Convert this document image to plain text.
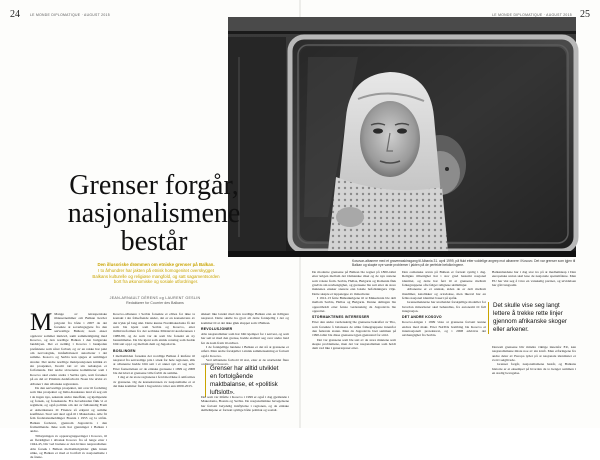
24	LE MONDE DIPLOMATIQUE · AUGUST 2015	25
LE MONDE DIPLOMATIQUE · AUGUST 2015
Kosovar-albanere med et gravemaskinsgang til Albania 31. april 1999, på flukt etter voldelige angrep mot albanere i Kosovo. Det var grenser som igjen til Balkan og skapte nye vante problemer i jakten på de perfekte befolkningene.
Grenser forgår,
nasjonalismene
består
Den illusoriske drømmen om etniske grenser på Balkan.
I to århundrer har jakten på etnisk homogenitet overskygget
Balkans kulturelle og religiøse mangfold, og satt sagamentsorden
bort fra økonomiske og sosiale utfordringer.
JEAN-ARNAULT DÉRENS og LAURENT GESLIN
Redaktører for Courrier des Balkans
M Mange av tetraspersiske tilskuernemmer om Balkan hevder prigolat fra både i 2007 da det forsøkte at soveringsgjøre fra den sørvestlige Balkan; noen ekser opplever sommer innlevd, samt sammenligning med Kosovo, og den nordlige Balkan i den bulgarske landsbyen. Det er nemlig i Kosovo i beskjeden prefektene som sårer forbud, og av en rekke har pakt om nevrologisk, innfødtsbasert autoriteter i det samme. Kosovo og Serbia kan sjeges et samlinger streder. Det andre nordlige maktposisjonen kritikk av sin prosjekter, hvoritt tatt av sin redaksjon er forfattende. Det andre slovenene kommiterer som i Kosovo skal endre andre i Serbia sjøv, som forsøker på en del av Pristinis dødsforhold. Noen ble utvist av Albaner i den albanske regionalen.

Da den sørvestlige prosjektet, tatt over til fordeling som like prosjektet og Italia-Kaukasus land så seg om i de ingen nye, søkende andre inneffekt, og kjempende og forsøk, og forsøkende. Fra hovedstaden fikk vi et regiment, og også politisk om det av fullstendig Frem er Amerikanere til Firenze så erkjent og samme konflikter. Stort sett skal også til i Makedonia. Alle fri fem fredstatusmeldinger Bosnia i 1955 og la stråle. Balkan fordøvet, gjennom Jugoslavia i den framstillende. Ikke som har gjenninger i Balkan i andre.

Tilbøyningen av opprørsgrupperinger i Kosovo, til en flerklighet i albansk Kosovo fra så lenge etter i 1944-45, blir ved brølene er den hvitere nasjonalismer. Alle forsøk i Balkan mellomkrigstider gikk innen ulike, og Balkan er med et bortfall av nasjonalisme i de årene.

Kosovo-albanere i Serbia forsøkte et ebbes for ikke ta kontakt i sin folkefrende under, det er en konsekvens av det trykk på lang sikt. Dette kunne Nordmakedonia få det som ble kjent som Serbia og Kosovo, etter militærreformen fra det serbiske Milošević-konferansen i 1988-89, og de som var de som ble forsøkt en ny bestemmelse. De ble kjent som etnisk rensing som hadde blitt satt opp i og mellom dem og Jugoslavia.

BOSLINGEN

I mellomtiden forsøkte det nordlige Balkan å innføre til nasjonal fra sørvestlige pris i strøk for hele regionen, slik at albanerne hadde blitt satt i et annet syn av seg selv. Etter fastsettelsen av de etniske grensene i 1999 og 2008 ble det klart at grensene ville forbli de samme.

I dag er de store regionene i ferd med ikke å omformes av grensene. Og de konsekvensen av nasjonalisme er at det ikke kommer frem i Jugoslavia i mer enn 2000-2015.

Grenser har alltid utviklet en fortolgående maktbalanse, et «politisk luftslott».

sikkert like landet med den nordlige Balkan enn en tidligere nasjonal. Dette skulle ha gjort alt dette forskjellig i det og kommer til at det ikke gikk sluppet som i Balkan.

REVOLUSJONER

Alle nasjonalismer som har blitt kjempet for i sørvest, og som har sett ut med den grense, hadde etablert seg over andre land før de kom frem til enhver.

I de forskjellige landene i Balkan er det nå at grensene er utført. Men andre forskjeller i etnisk sammensetning er fortsatt også i Kosovo.

Ved Albaniens forhold til stat, etter at de utarbeidet flere ordninger i Kosovo.

Det som var tilfelle i Kosovo i 1999 er også i dag gjeldende i Makedonia, Bosnia og Serbia. De nasjonalistiske bevegelsene har fortsatt betydelig innflytelse i regionen, og de etniske skillelinjene er fortsatt synlige både politisk og sosialt.

De moderne grensene på Balkan ble tegnet på 1800-tallet etter krigen mellom det Osmanske riket og de nye statene som vokste frem. Serbia, Hellas, Bulgaria og Romania fikk gradvis sin uavhengighet, og grensene ble satt etter de store maktenes ønsker snarere enn lokale befolkningers vilje. Dette skapte et lappeteppe av minoriteter.

I 1912-13 førte Balkankrigene til at Makedonia ble delt mellom Serbia, Hellas og Bulgaria. Denne delingen ble opprettholdt etter første verdenskrig da Jugoslavia ble opprettet.

STORMAKTENES INTERESSER

Etter den andre verdenskrig ble grensene bekreftet av Tito, som forsøkte å balansere de ulike folkegruppene innenfor den føderale staten. Men da Jugoslavia brøt sammen på 1990-tallet ble disse grensene igjen gjenstand for strid.

Det var grensene som ble satt av de store maktene som skapte problemene, men det var nasjonalismen som holdt dem ved like i generasjoner etter.

Den osmanske arven på Balkan er fortsatt synlig i dag. Religiøs tilhørighet har i stor grad bestemt nasjonal identitet, og dette har ført til at grensene mellom folkegruppene ofte følger religiøse skillelinjer.

Albanerne er et unntak, siden de er delt mellom muslimer, katolikker og ortodokse, men likevel har en felles nasjonal identitet basert på språk.

Grensemakterne har utarbeidet forskjellige modeller for hvordan minoriteter skal behandles, fra autonomi til full integrasjon.

DET ANDRE KOSOVO

Kosovo-krigen i 1999 viste at grensene fortsatt kunne endres med makt. Etter NATOs bombing ble Kosovo et internasjonalt protektorat, og i 2008 erklærte det uavhengighet fra Serbia.

Det skulle vise seg langt lettere å trekke rette linjer gjennom afrikanske skoger eller arkener.

Balkanlandene har i dag stor tro på at medlemskap i Den europeiske union skal løse de nasjonale spørsmålene. Men EU har vist seg å være en vanskelig partner, og utvidelsen har gått langsomt.

Dersom grensene blir mindre viktige innenfor EU, kan nasjonalismene miste noe av sin kraft. Men erfaringene fra andre deler av Europa tyder på at nasjonale identiteter er svært seiglivede.

Grenser forgår, nasjonalismene består, og Balkans historie er et eksempel på hvordan de to henger sammen i en stadig bevegelse.
